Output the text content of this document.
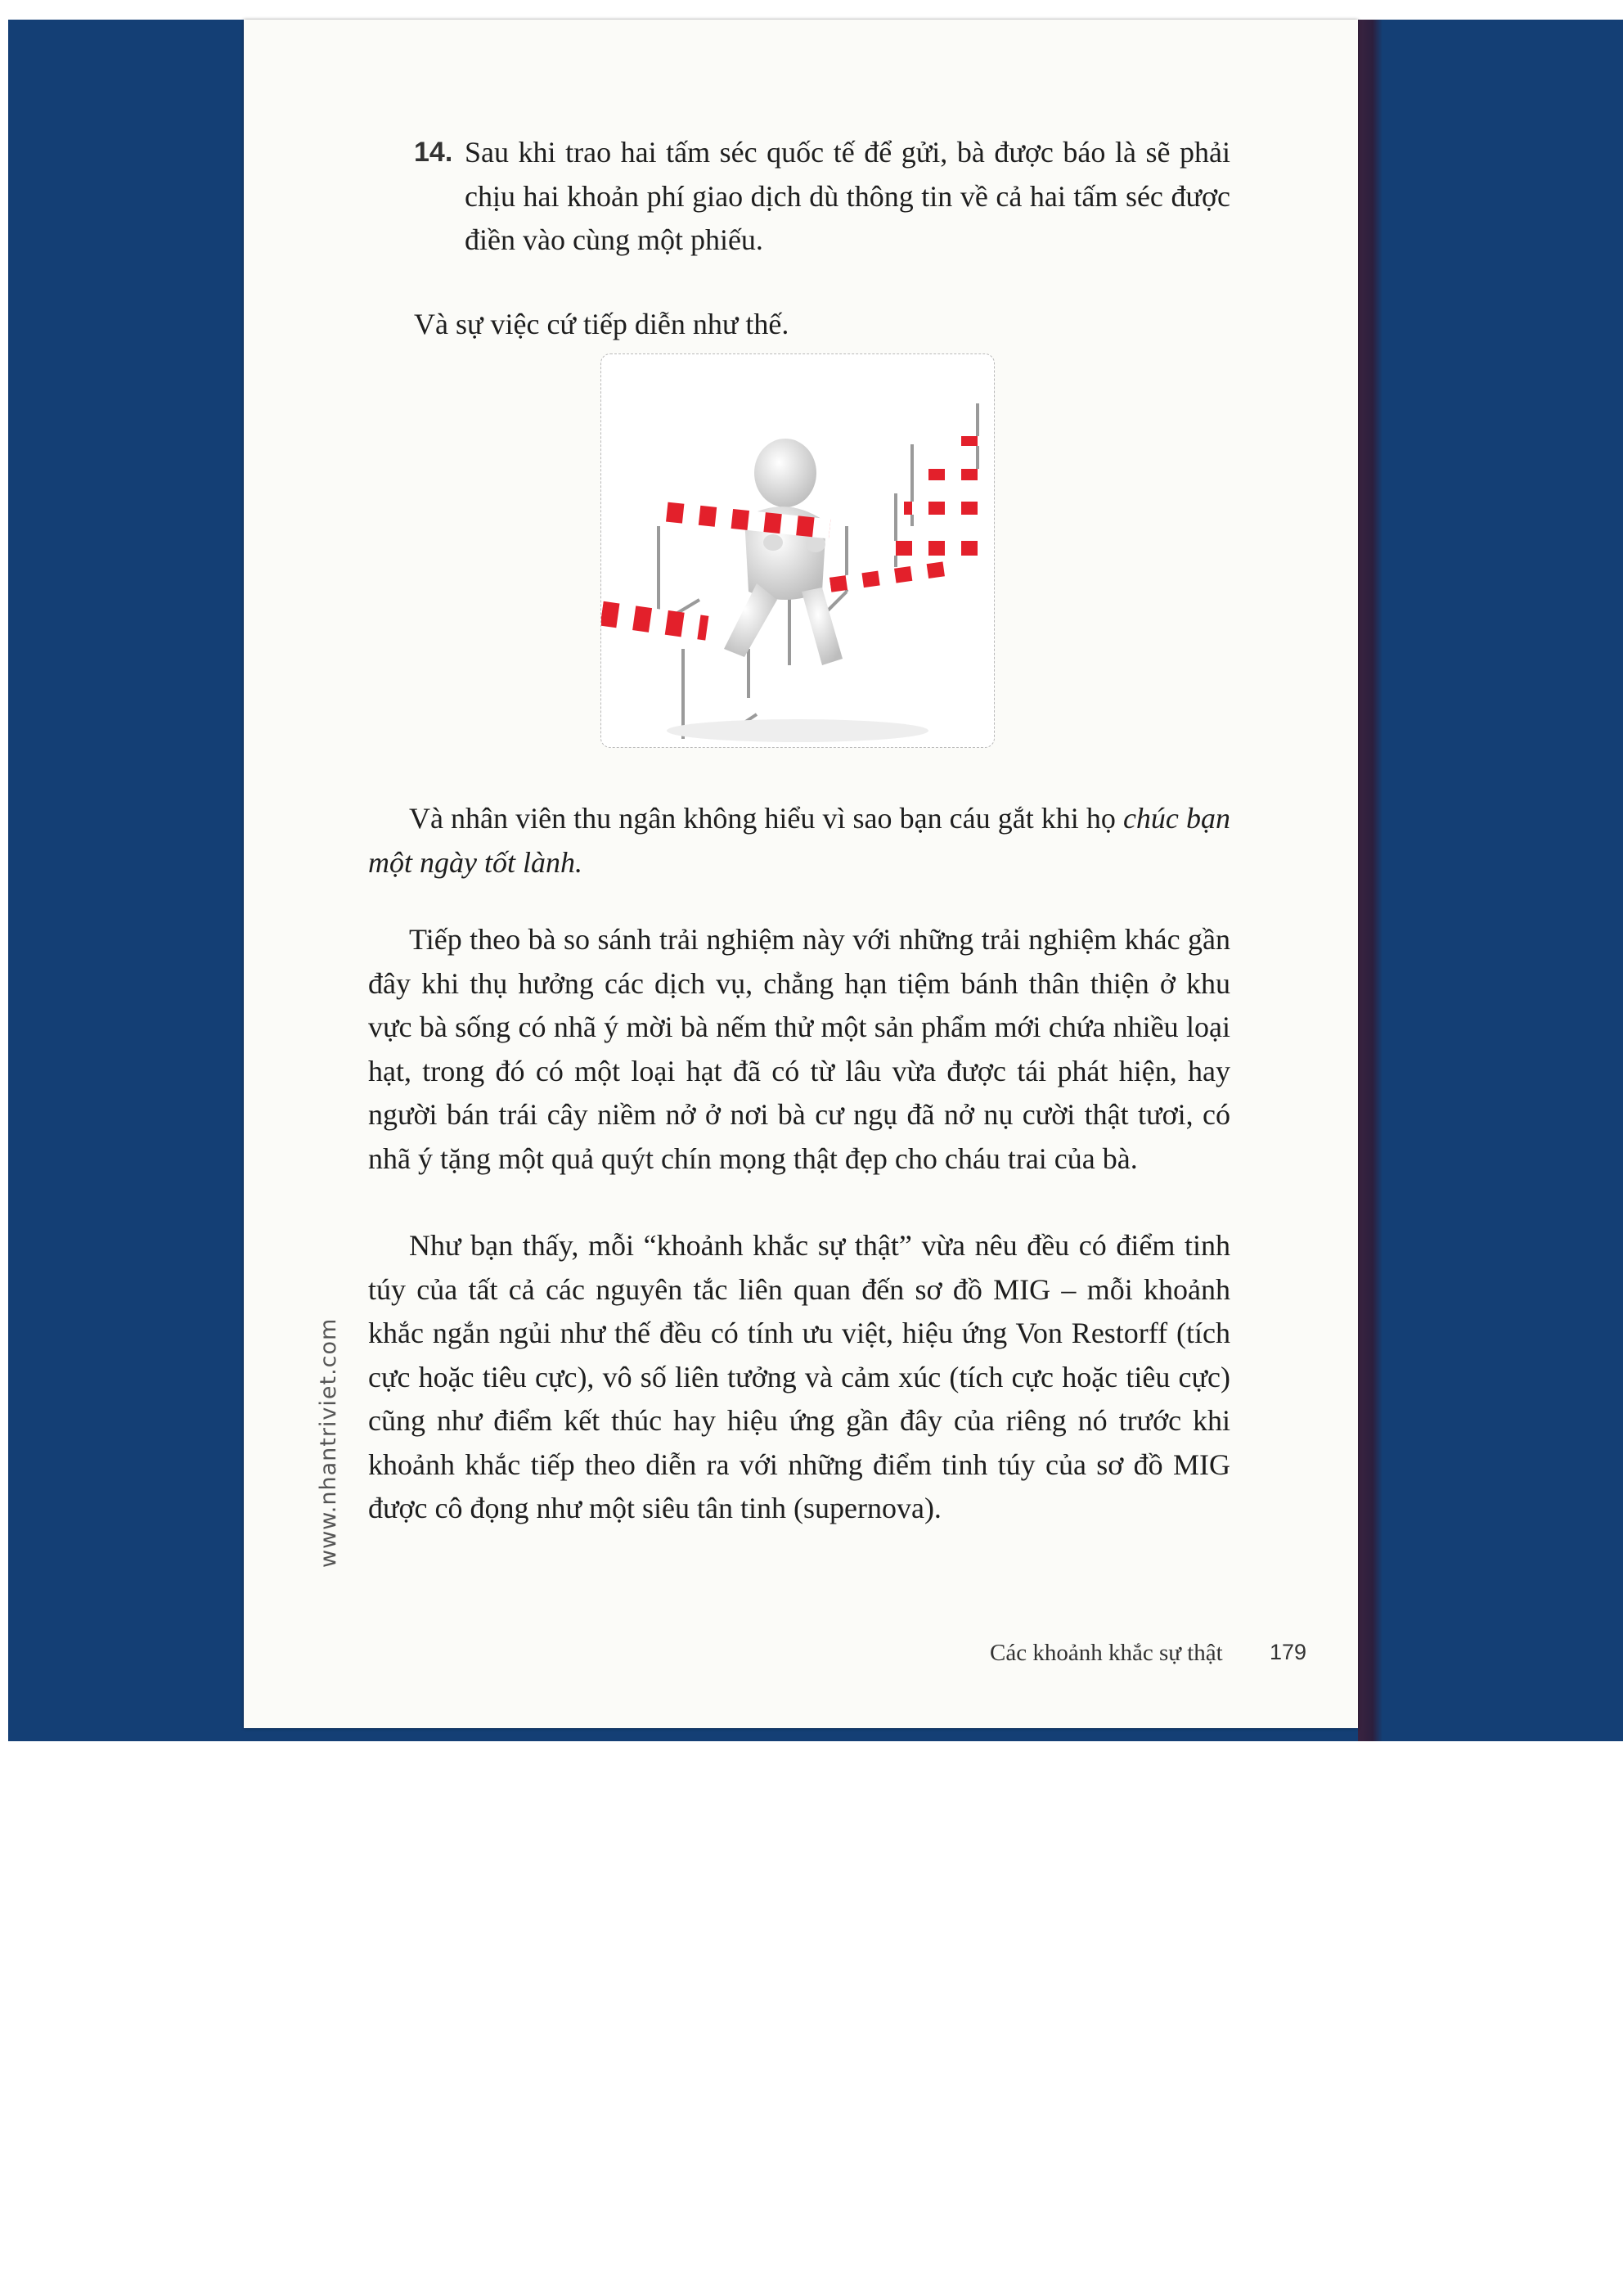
14. Sau khi trao hai tấm séc quốc tế để gửi, bà được báo là sẽ phải chịu hai khoản phí giao dịch dù thông tin về cả hai tấm séc được điền vào cùng một phiếu.
Và sự việc cứ tiếp diễn như thế.
Và nhân viên thu ngân không hiểu vì sao bạn cáu gắt khi họ chúc bạn một ngày tốt lành.
Tiếp theo bà so sánh trải nghiệm này với những trải nghiệm khác gần đây khi thụ hưởng các dịch vụ, chẳng hạn tiệm bánh thân thiện ở khu vực bà sống có nhã ý mời bà nếm thử một sản phẩm mới chứa nhiều loại hạt, trong đó có một loại hạt đã có từ lâu vừa được tái phát hiện, hay người bán trái cây niềm nở ở nơi bà cư ngụ đã nở nụ cười thật tươi, có nhã ý tặng một quả quýt chín mọng thật đẹp cho cháu trai của bà.
Như bạn thấy, mỗi “khoảnh khắc sự thật” vừa nêu đều có điểm tinh túy của tất cả các nguyên tắc liên quan đến sơ đồ MIG – mỗi khoảnh khắc ngắn ngủi như thế đều có tính ưu việt, hiệu ứng Von Restorff (tích cực hoặc tiêu cực), vô số liên tưởng và cảm xúc (tích cực hoặc tiêu cực) cũng như điểm kết thúc hay hiệu ứng gần đây của riêng nó trước khi khoảnh khắc tiếp theo diễn ra với những điểm tinh túy của sơ đồ MIG được cô đọng như một siêu tân tinh (supernova).
www.nhantriviet.com
Các khoảnh khắc sự thật 179
